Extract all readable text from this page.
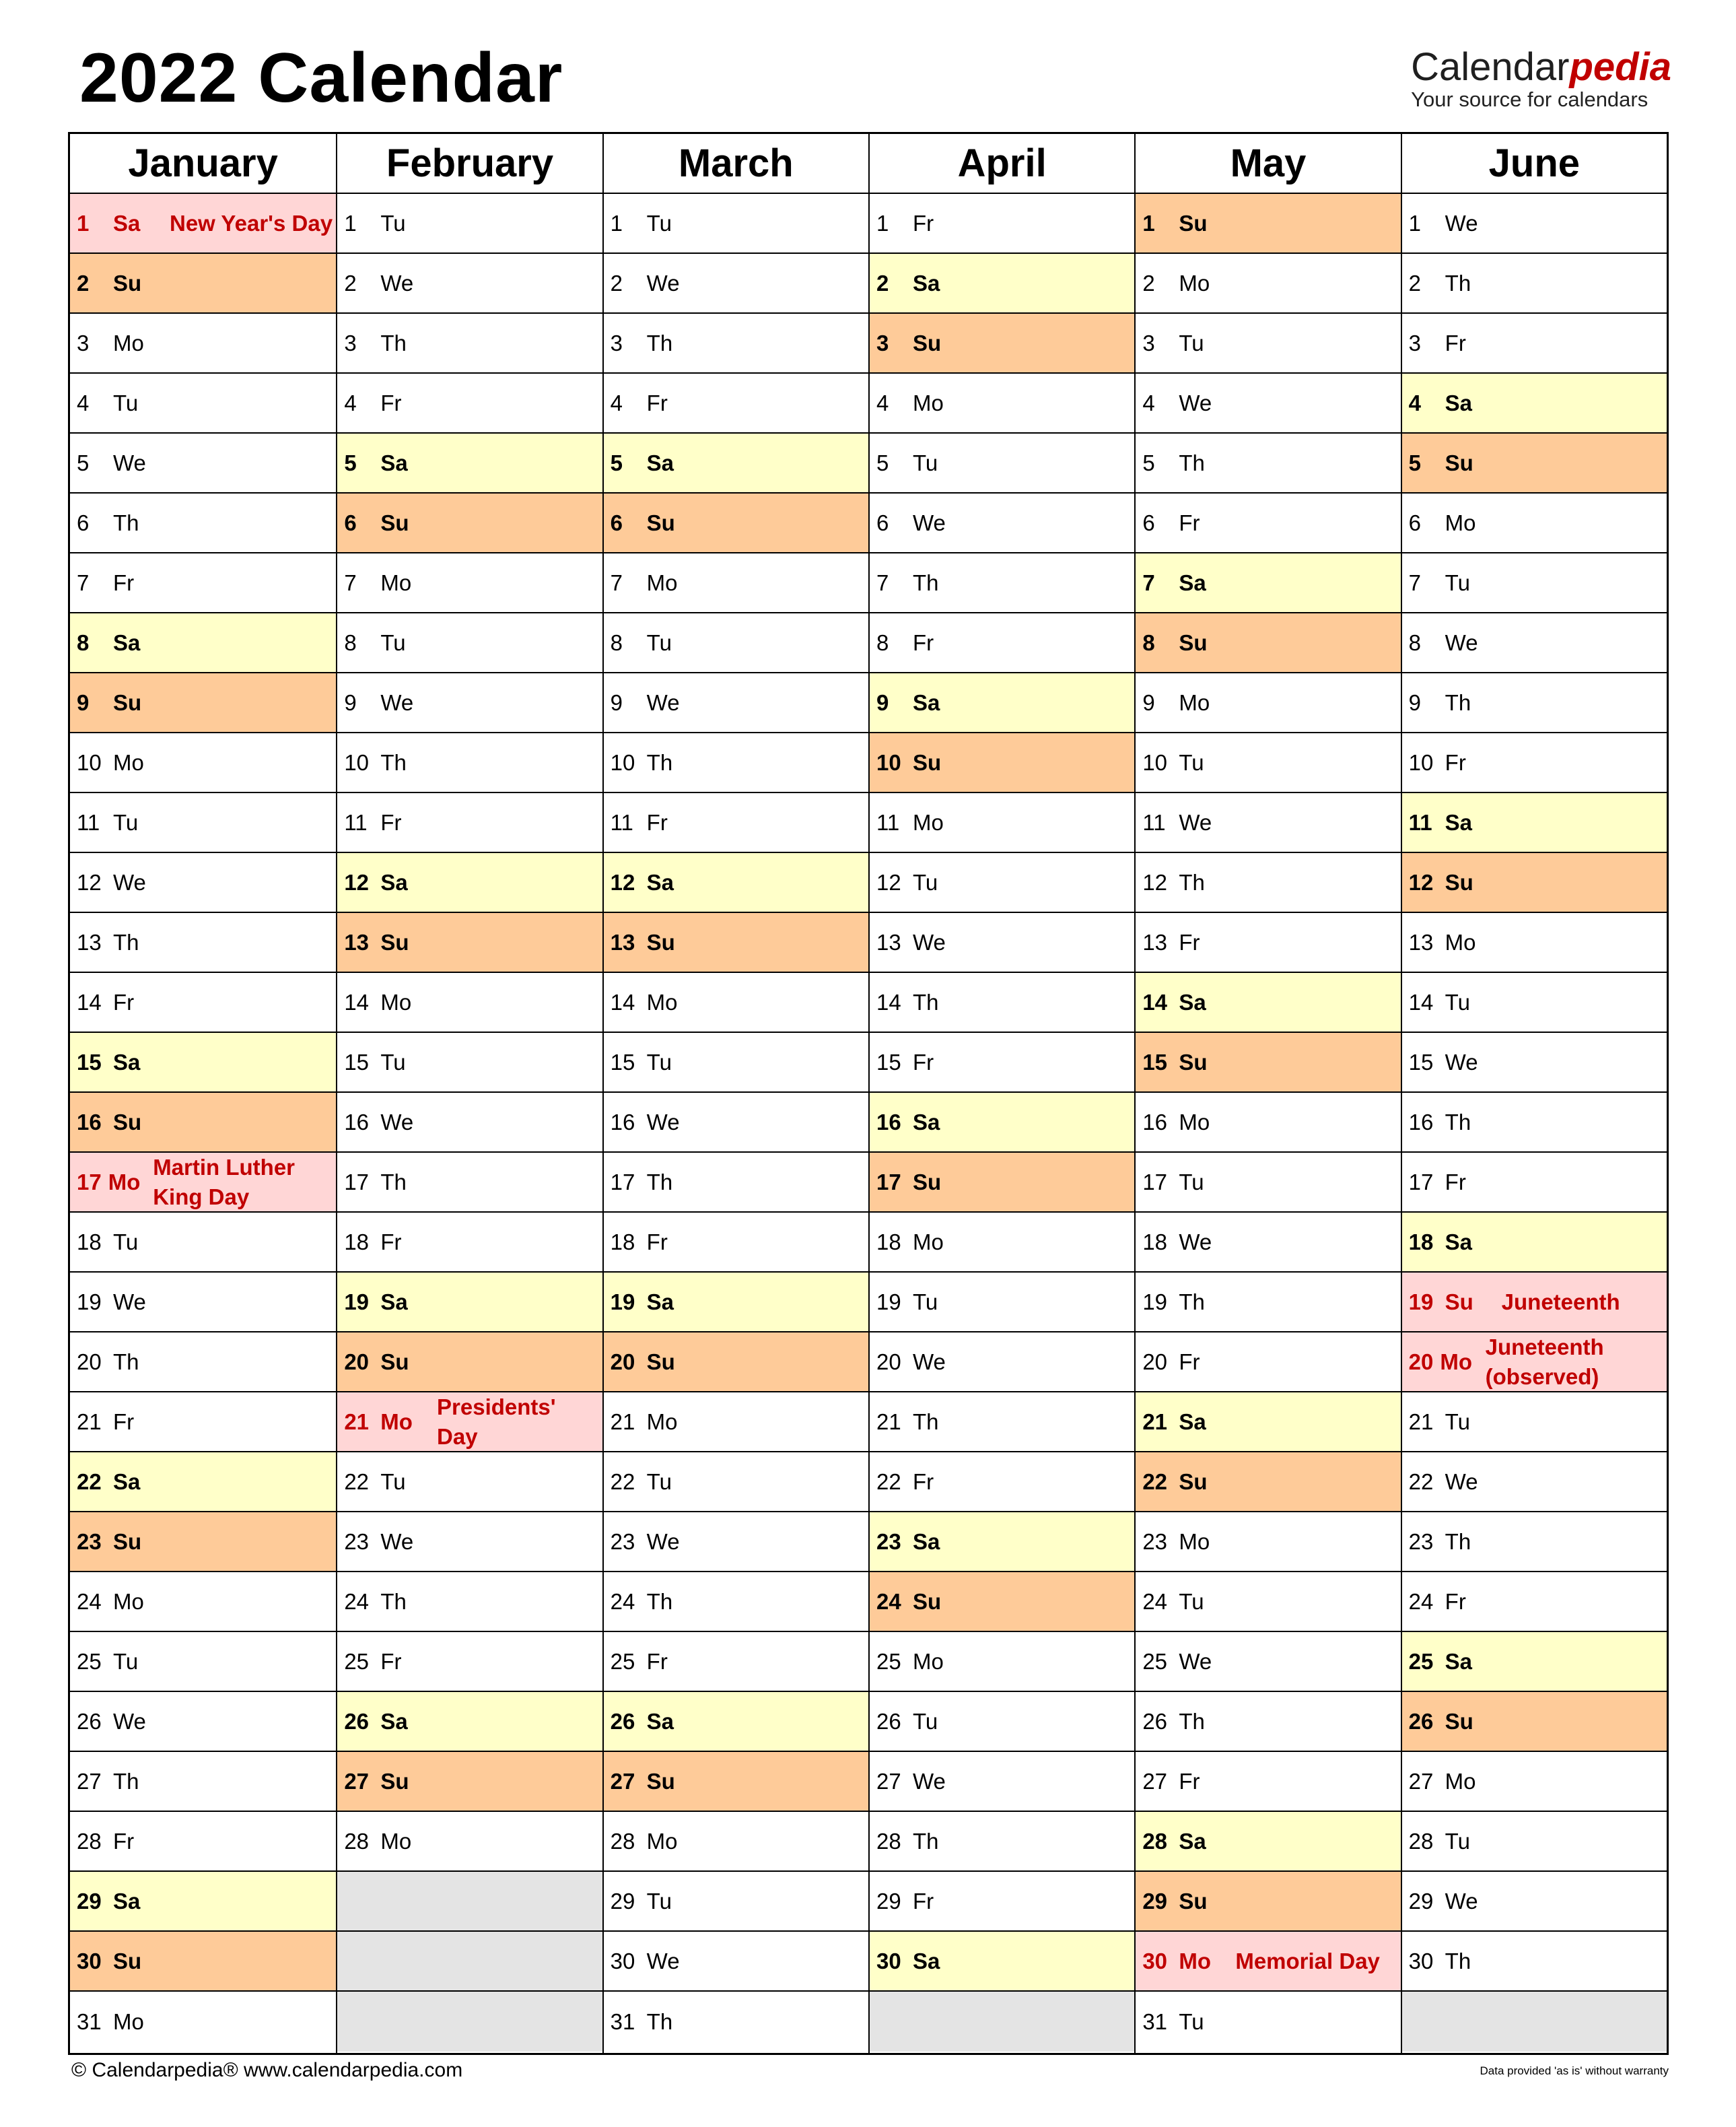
2022 Calendar	Calendarpedia
Your source for calendars
January
1	Sa	New Year's Day
2	Su
3	Mo
4	Tu
5	We
6	Th
7	Fr
8	Sa
9	Su
10 Mo
11 Tu
12 We
13 Th
14 Fr
15 Sa
16 Su
17 Mo
Martin Luther King Day
18 Tu
19 We
20 Th
21 Fr
22 Sa
23 Su
24 Mo
25 Tu
26 We
27 Th
28 Fr
29 Sa
30 Su
31 Mo
February
1	Tu
2	We
3	Th
4	Fr
5	Sa
6	Su
7	Mo
8	Tu
9	We
10 Th
11 Fr
12 Sa
13 Su
14 Mo
15 Tu
16 We
17 Th
18 Fr
19 Sa
20 Su
21 Mo
Presidents' Day
22 Tu
23 We
24 Th
25 Fr
26 Sa
27 Su
28 Mo
March
1	Tu
2	We
3	Th
4	Fr
5	Sa
6	Su
7	Mo
8	Tu
9	We
10 Th
11 Fr
12 Sa
13 Su
14 Mo
15 Tu
16 We
17 Th
18 Fr
19 Sa
20 Su
21 Mo
22 Tu
23 We
24 Th
25 Fr
26 Sa
27 Su
28 Mo
29 Tu
30 We
31 Th
April
1	Fr
2	Sa
3	Su
4	Mo
5	Tu
6	We
7	Th
8	Fr
9	Sa
10 Su
11 Mo
12 Tu
13 We
14 Th
15 Fr
16 Sa
17 Su
18 Mo
19 Tu
20 We
21 Th
22 Fr
23 Sa
24 Su
25 Mo
26 Tu
27 We
28 Th
29 Fr
30 Sa
May
1	Su
2	Mo
3	Tu
4	We
5	Th
6	Fr
7	Sa
8	Su
9	Mo
10 Tu
11 We
12 Th
13 Fr
14 Sa
15 Su
16 Mo
17 Tu
18 We
19 Th
20 Fr
21 Sa
22 Su
23 Mo
24 Tu
25 We
26 Th
27 Fr
28 Sa
29 Su
30 Mo	Memorial Day
31 Tu
June
1	We
2	Th
3	Fr
4	Sa
5	Su
6	Mo
7	Tu
8	We
9	Th
10 Fr
11 Sa
12 Su
13 Mo
14 Tu
15 We
16 Th
17 Fr
18 Sa
19 Su	Juneteenth
20 Mo
Juneteenth (observed)
21 Tu
22 We
23 Th
24 Fr
25 Sa
26 Su
27 Mo
28 Tu
29 We
30 Th
© Calendarpedia® www.calendarpedia.com	Data provided 'as is' without warranty
